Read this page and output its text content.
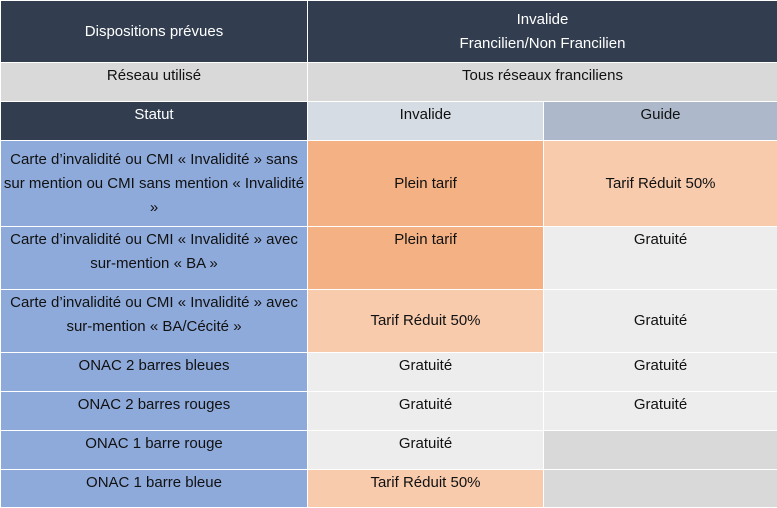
Dispositions prévues	Invalide
Francilien/Non Francilien	

Réseau utilisé	Tous réseaux franciliens	
Statut	Invalide	Guide
Carte d’invalidité ou CMI « Invalidité » sans sur mention ou CMI sans mention « Invalidité »	Plein tarif	Tarif Réduit 50%
Carte d’invalidité ou CMI « Invalidité » avec sur-mention « BA »	Plein tarif	Gratuité
Carte d’invalidité ou CMI « Invalidité » avec sur-mention « BA/Cécité »	Tarif Réduit 50%	Gratuité
ONAC 2 barres bleues	Gratuité	Gratuité
ONAC 2 barres rouges	Gratuité	Gratuité
ONAC 1 barre rouge	Gratuité	
ONAC 1 barre bleue	Tarif Réduit 50%	
